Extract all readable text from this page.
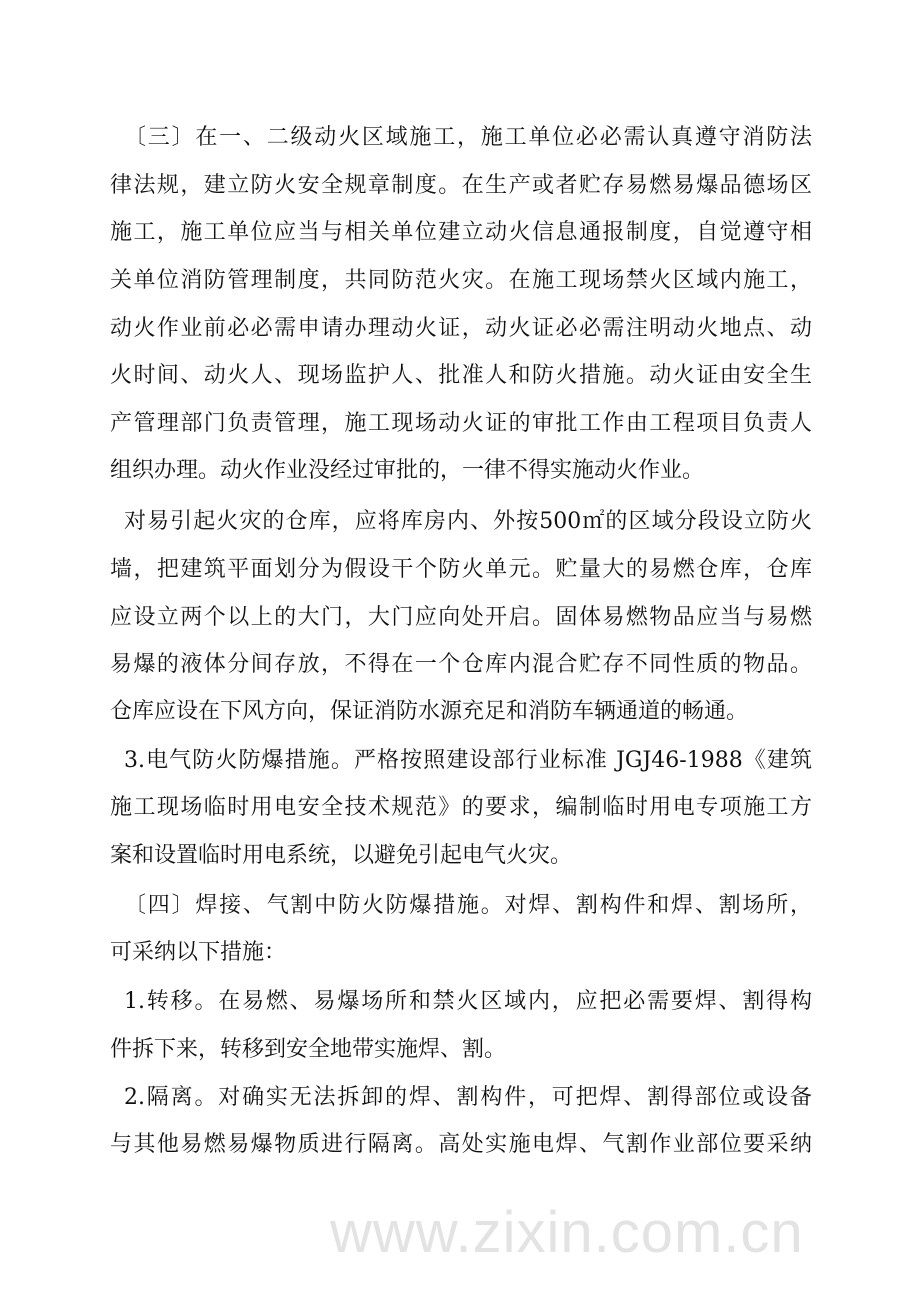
www.zixin.com.cn
〔三〕在一、二级动火区域施工，施工单位必必需认真遵守消防法
律法规，建立防火安全规章制度。在生产或者贮存易燃易爆品德场区
施工，施工单位应当与相关单位建立动火信息通报制度，自觉遵守相
关单位消防管理制度，共同防范火灾。在施工现场禁火区域内施工，
动火作业前必必需申请办理动火证，动火证必必需注明动火地点、动
火时间、动火人、现场监护人、批准人和防火措施。动火证由安全生
产管理部门负责管理，施工现场动火证的审批工作由工程项目负责人
组织办理。动火作业没经过审批的，一律不得实施动火作业。
对易引起火灾的仓库，应将库房内、外按500㎡的区域分段设立防火
墙，把建筑平面划分为假设干个防火单元。贮量大的易燃仓库，仓库
应设立两个以上的大门，大门应向处开启。固体易燃物品应当与易燃
易爆的液体分间存放，不得在一个仓库内混合贮存不同性质的物品。
仓库应设在下风方向，保证消防水源充足和消防车辆通道的畅通。
3.电气防火防爆措施。严格按照建设部行业标准 JGJ46-1988《建筑
施工现场临时用电安全技术规范》的要求，编制临时用电专项施工方
案和设置临时用电系统，以避免引起电气火灾。
〔四〕焊接、气割中防火防爆措施。对焊、割构件和焊、割场所，
可采纳以下措施：
1.转移。在易燃、易爆场所和禁火区域内，应把必需要焊、割得构
件拆下来，转移到安全地带实施焊、割。
2.隔离。对确实无法拆卸的焊、割构件，可把焊、割得部位或设备
与其他易燃易爆物质进行隔离。高处实施电焊、气割作业部位要采纳
